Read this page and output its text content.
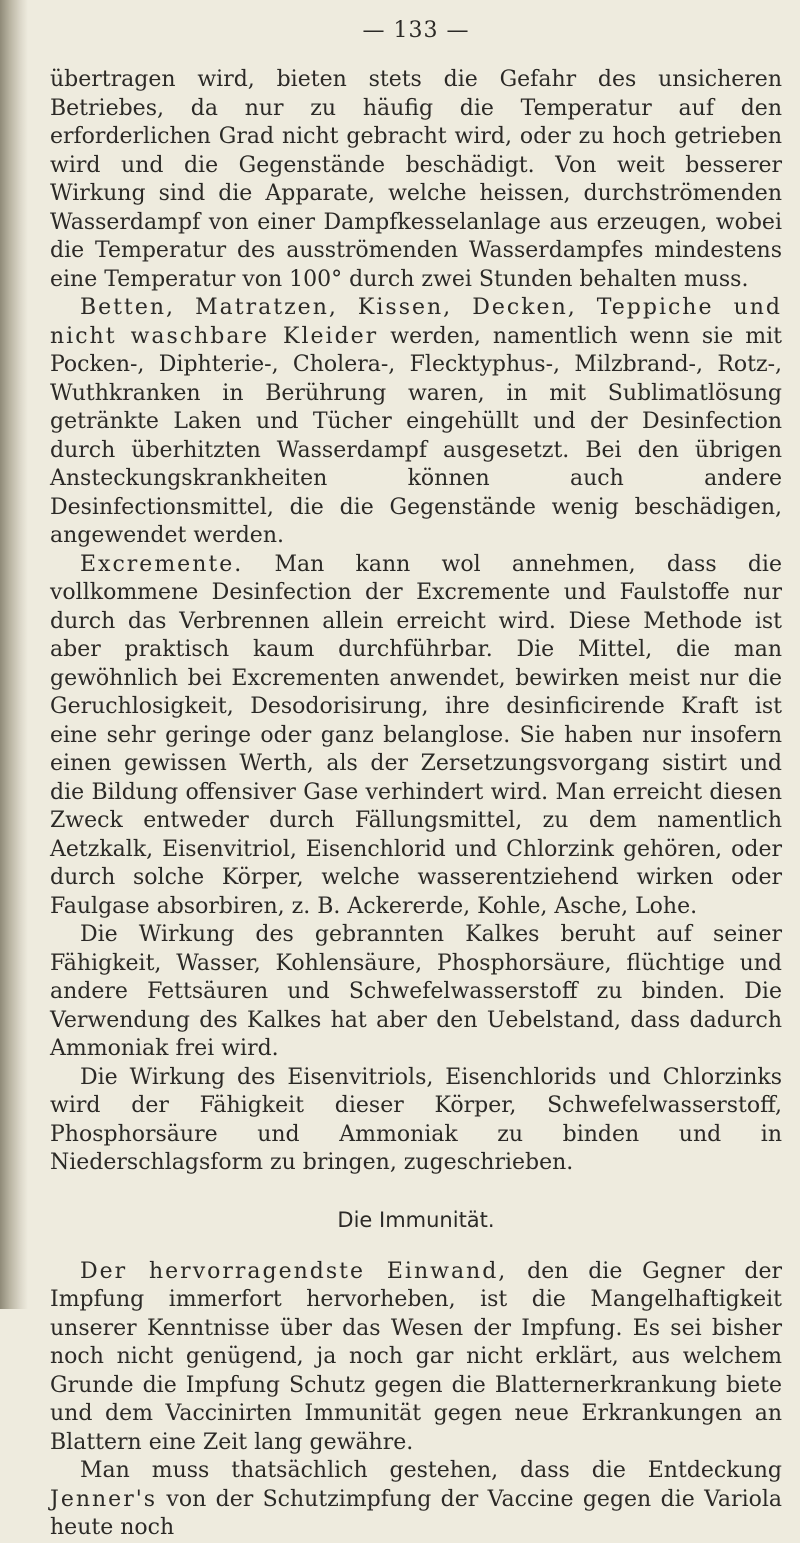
— 133 —

übertragen wird, bieten stets die Gefahr des unsicheren Betriebes, da nur zu häufig die Temperatur auf den erforderlichen Grad nicht gebracht wird, oder zu hoch getrieben wird und die Gegenstände beschädigt. Von weit besserer Wirkung sind die Apparate, welche heissen, durchströmenden Wasserdampf von einer Dampfkesselanlage aus erzeugen, wobei die Temperatur des ausströmenden Wasserdampfes mindestens eine Temperatur von 100° durch zwei Stunden behalten muss.

Betten, Matratzen, Kissen, Decken, Teppiche und nicht waschbare Kleider werden, namentlich wenn sie mit Pocken-, Diphterie-, Cholera-, Flecktyphus-, Milzbrand-, Rotz-, Wuthkranken in Berührung waren, in mit Sublimatlösung getränkte Laken und Tücher eingehüllt und der Desinfection durch überhitzten Wasserdampf ausgesetzt. Bei den übrigen Ansteckungskrankheiten können auch andere Desinfectionsmittel, die die Gegenstände wenig beschädigen, angewendet werden.

Excremente. Man kann wol annehmen, dass die vollkommene Desinfection der Excremente und Faulstoffe nur durch das Verbrennen allein erreicht wird. Diese Methode ist aber praktisch kaum durchführbar. Die Mittel, die man gewöhnlich bei Excrementen anwendet, bewirken meist nur die Geruchlosigkeit, Desodorisirung, ihre desinficirende Kraft ist eine sehr geringe oder ganz belanglose. Sie haben nur insofern einen gewissen Werth, als der Zersetzungsvorgang sistirt und die Bildung offensiver Gase verhindert wird. Man erreicht diesen Zweck entweder durch Fällungsmittel, zu dem namentlich Aetzkalk, Eisenvitriol, Eisenchlorid und Chlorzink gehören, oder durch solche Körper, welche wasserentziehend wirken oder Faulgase absorbiren, z. B. Ackererde, Kohle, Asche, Lohe.

Die Wirkung des gebrannten Kalkes beruht auf seiner Fähigkeit, Wasser, Kohlensäure, Phosphorsäure, flüchtige und andere Fettsäuren und Schwefelwasserstoff zu binden. Die Verwendung des Kalkes hat aber den Uebelstand, dass dadurch Ammoniak frei wird.

Die Wirkung des Eisenvitriols, Eisenchlorids und Chlorzinks wird der Fähigkeit dieser Körper, Schwefelwasserstoff, Phosphorsäure und Ammoniak zu binden und in Niederschlagsform zu bringen, zugeschrieben.

Die Immunität.

Der hervorragendste Einwand, den die Gegner der Impfung immerfort hervorheben, ist die Mangelhaftigkeit unserer Kenntnisse über das Wesen der Impfung. Es sei bisher noch nicht genügend, ja noch gar nicht erklärt, aus welchem Grunde die Impfung Schutz gegen die Blatternerkrankung biete und dem Vaccinirten Immunität gegen neue Erkrankungen an Blattern eine Zeit lang gewähre.

Man muss thatsächlich gestehen, dass die Entdeckung Jenner's von der Schutzimpfung der Vaccine gegen die Variola heute noch
